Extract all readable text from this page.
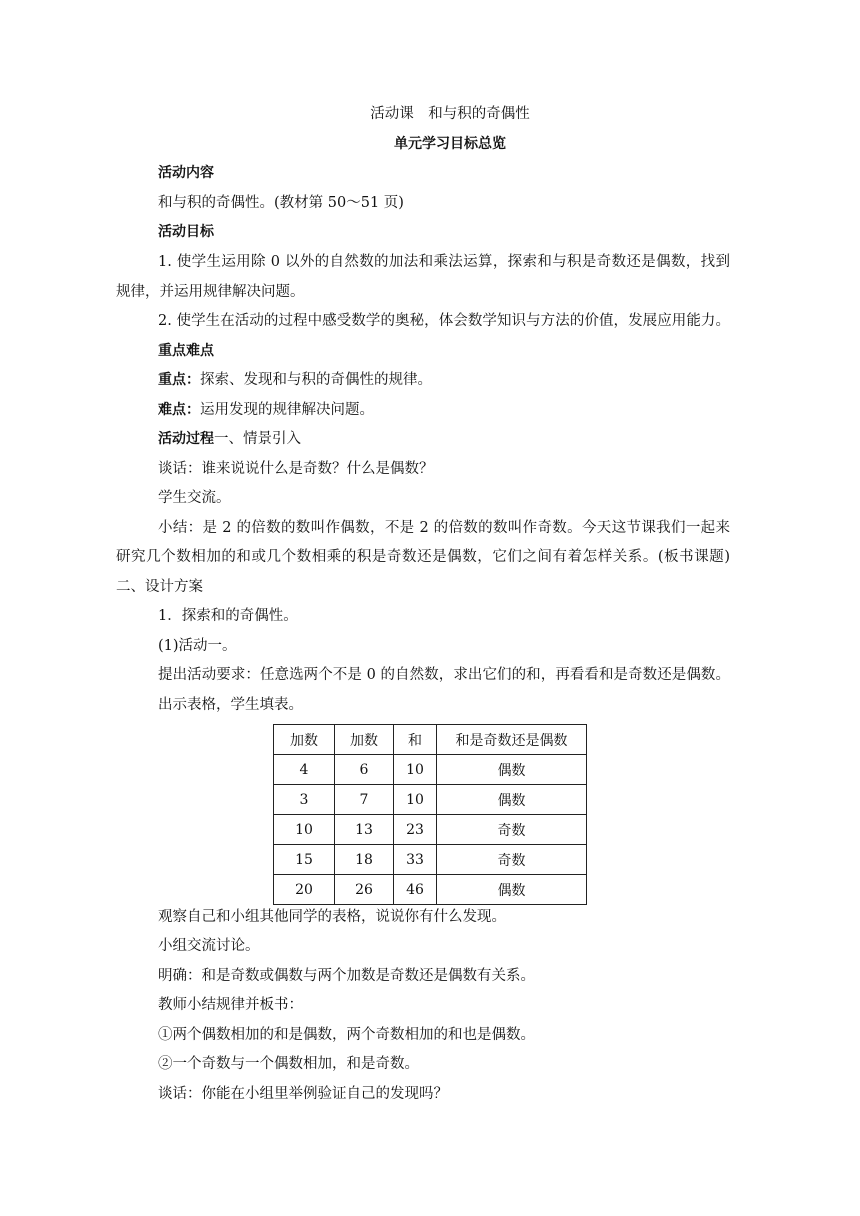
活动课　和与积的奇偶性
单元学习目标总览
活动内容
和与积的奇偶性。(教材第 50～51 页)
活动目标
1. 使学生运用除 0 以外的自然数的加法和乘法运算，探索和与积是奇数还是偶数，找到
规律，并运用规律解决问题。
2. 使学生在活动的过程中感受数学的奥秘，体会数学知识与方法的价值，发展应用能力。
重点难点
重点：探索、发现和与积的奇偶性的规律。
难点：运用发现的规律解决问题。
活动过程一、情景引入
谈话：谁来说说什么是奇数？什么是偶数？
学生交流。
小结：是 2 的倍数的数叫作偶数，不是 2 的倍数的数叫作奇数。今天这节课我们一起来
研究几个数相加的和或几个数相乘的积是奇数还是偶数，它们之间有着怎样关系。(板书课题)
二、设计方案
1．探索和的奇偶性。
(1)活动一。
提出活动要求：任意选两个不是 0 的自然数，求出它们的和，再看看和是奇数还是偶数。
出示表格，学生填表。
加数	加数	和	和是奇数还是偶数
4	6	10	偶数
3	7	10	偶数
10	13	23	奇数
15	18	33	奇数
20	26	46	偶数
观察自己和小组其他同学的表格，说说你有什么发现。
小组交流讨论。
明确：和是奇数或偶数与两个加数是奇数还是偶数有关系。
教师小结规律并板书：
①两个偶数相加的和是偶数，两个奇数相加的和也是偶数。
②一个奇数与一个偶数相加，和是奇数。
谈话：你能在小组里举例验证自己的发现吗？
